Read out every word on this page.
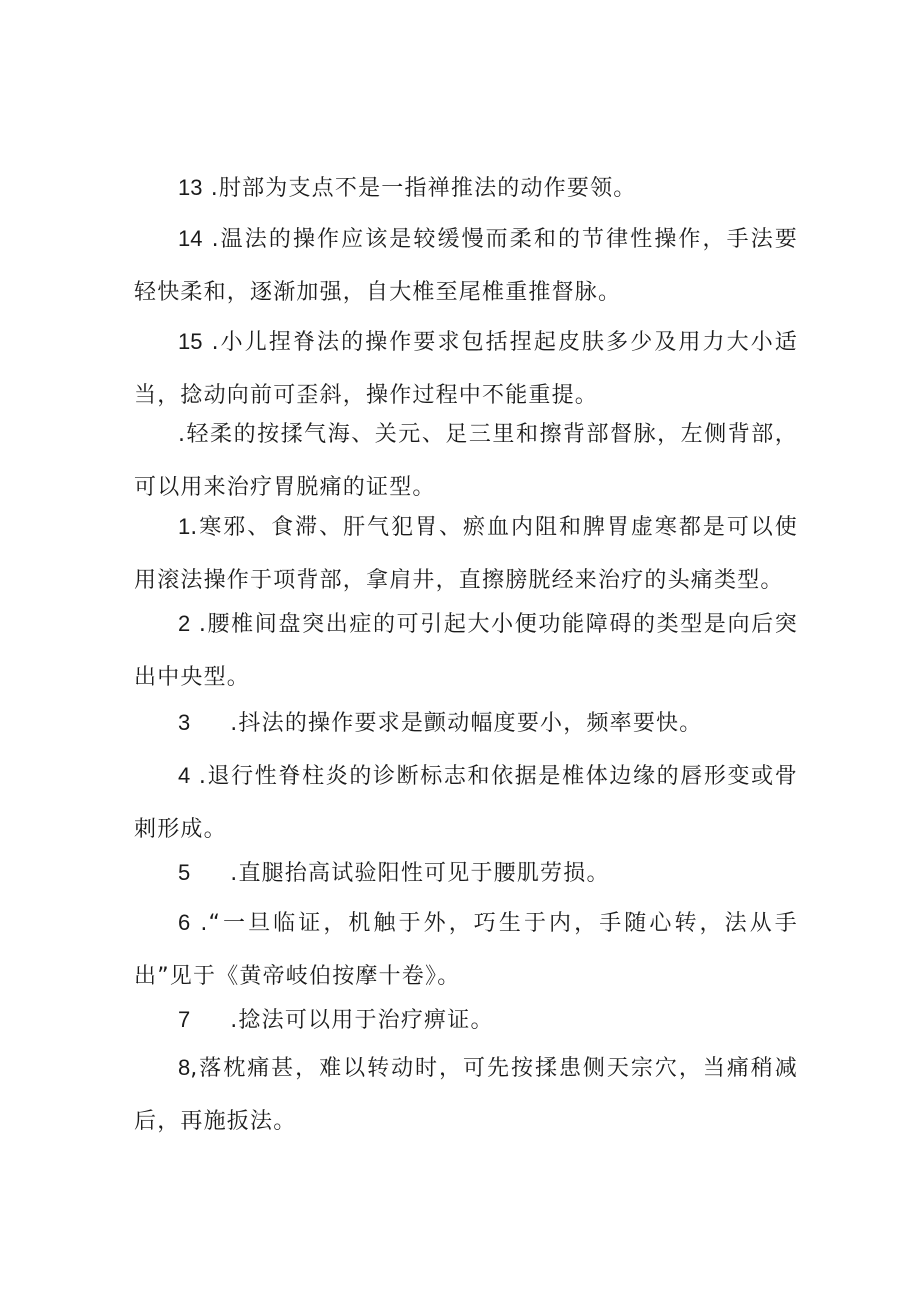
13 .肘部为支点不是一指禅推法的动作要领。

14 .温法的操作应该是较缓慢而柔和的节律性操作，手法要轻快柔和，逐渐加强，自大椎至尾椎重推督脉。

15 .小儿捏脊法的操作要求包括捏起皮肤多少及用力大小适当，捻动向前可歪斜，操作过程中不能重提。

.轻柔的按揉气海、关元、足三里和擦背部督脉，左侧背部，可以用来治疗胃脱痛的证型。

1.寒邪、食滞、肝气犯胃、瘀血内阻和脾胃虚寒都是可以使用滚法操作于项背部，拿肩井，直擦膀胱经来治疗的头痛类型。

2 .腰椎间盘突出症的可引起大小便功能障碍的类型是向后突出中央型。

3 .抖法的操作要求是颤动幅度要小，频率要快。

4 .退行性脊柱炎的诊断标志和依据是椎体边缘的唇形变或骨刺形成。

5 .直腿抬高试验阳性可见于腰肌劳损。

6 .“一旦临证，机触于外，巧生于内，手随心转，法从手出”见于《黄帝岐伯按摩十卷》。

7 .捻法可以用于治疗痹证。

8,落枕痛甚，难以转动时，可先按揉患侧天宗穴，当痛稍减后，再施扳法。
